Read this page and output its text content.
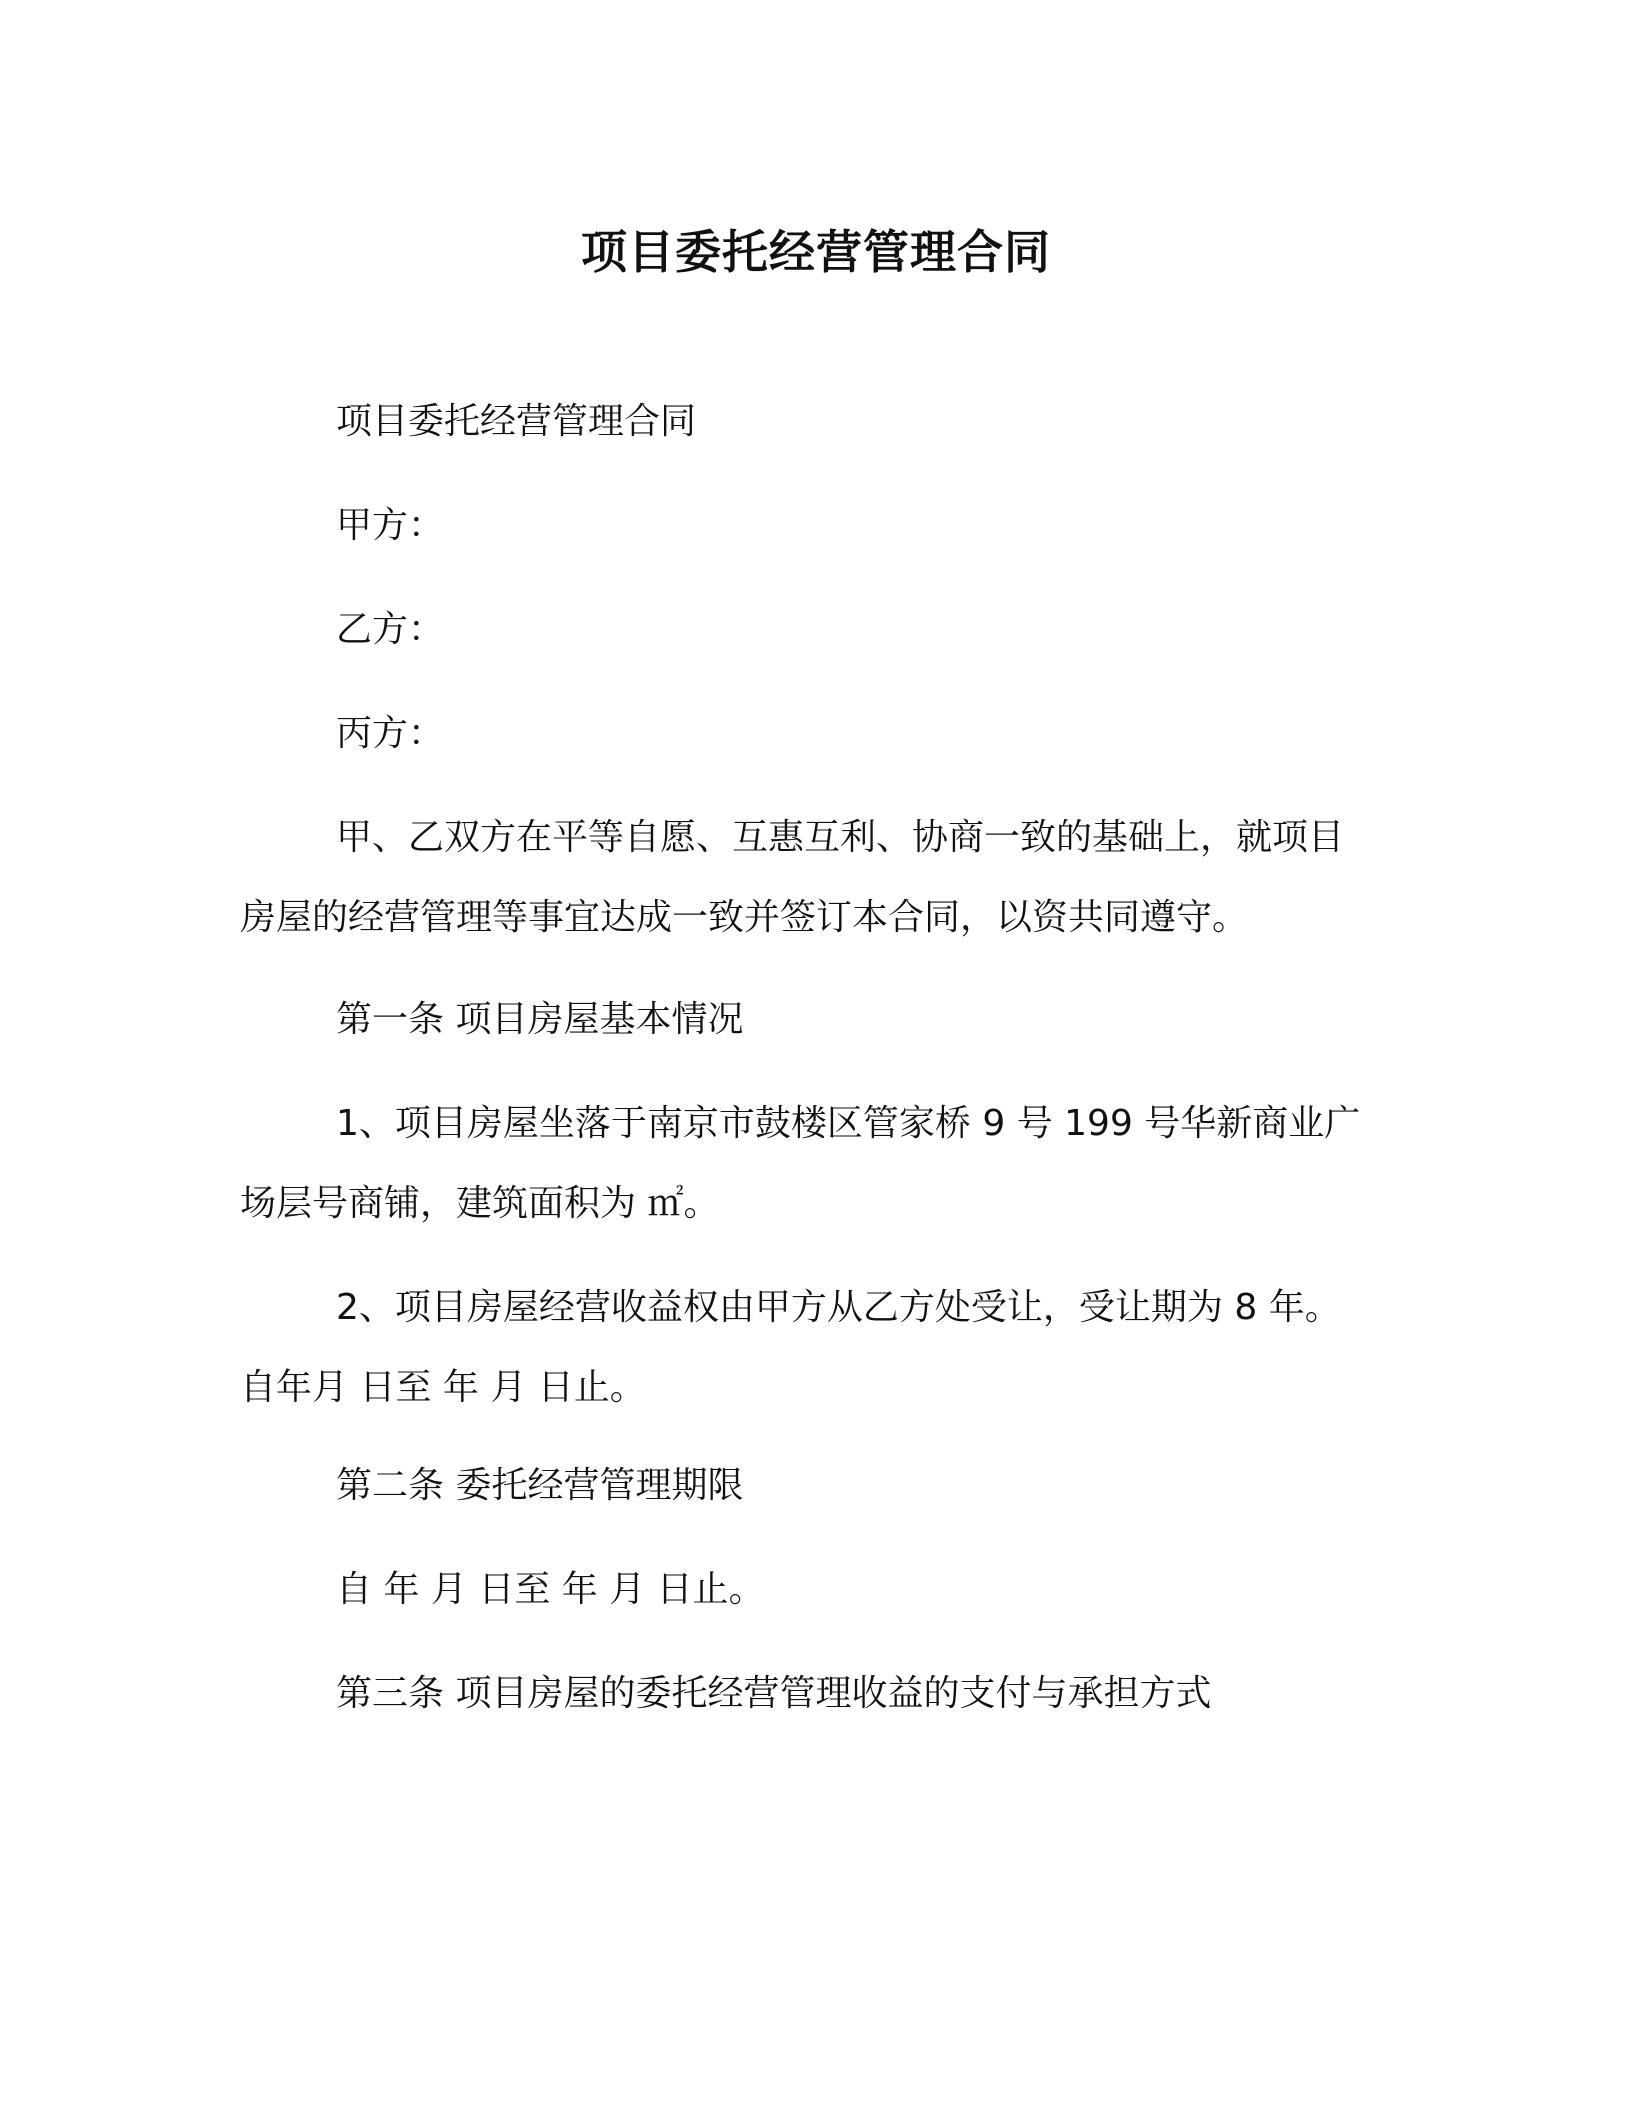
项目委托经营管理合同
项目委托经营管理合同
甲方：
乙方：
丙方：
甲、乙双方在平等自愿、互惠互利、协商一致的基础上，就项目
房屋的经营管理等事宜达成一致并签订本合同，以资共同遵守。
第一条 项目房屋基本情况
1、项目房屋坐落于南京市鼓楼区管家桥 9 号 199 号华新商业广
场层号商铺，建筑面积为 ㎡。
2、项目房屋经营收益权由甲方从乙方处受让，受让期为 8 年。
自年月 日至 年 月 日止。
第二条 委托经营管理期限
自 年 月 日至 年 月 日止。
第三条 项目房屋的委托经营管理收益的支付与承担方式
